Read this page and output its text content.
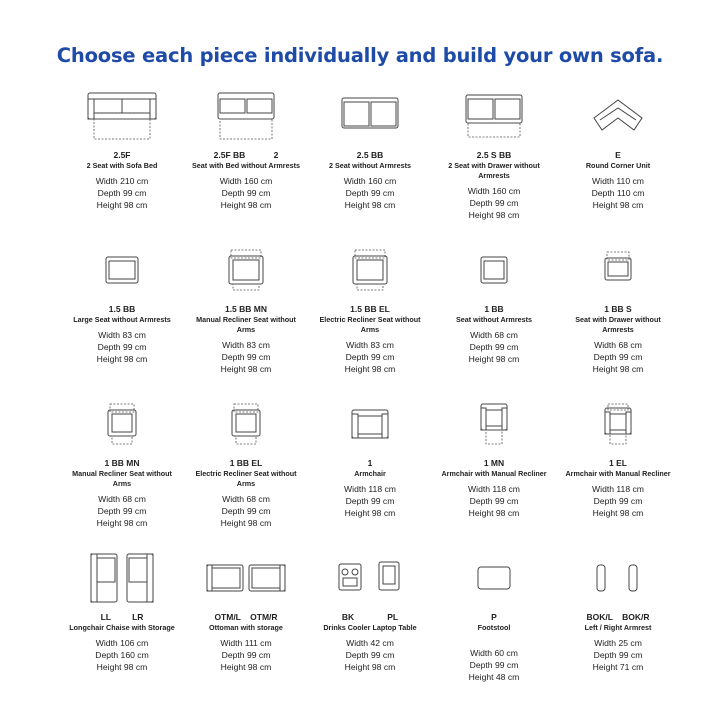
Choose each piece individually and build your own sofa.
2.5F
2 Seat with Sofa Bed
Width 210 cm
Depth 99 cm
Height 98 cm
2.5F BB            2
Seat with Bed without Armrests
Width 160 cm
Depth 99 cm
Height 98 cm
2.5 BB
2 Seat without Armrests
Width 160 cm
Depth 99 cm
Height 98 cm
2.5 S BB
2 Seat with Drawer without Armrests
Width 160 cm
Depth 99 cm
Height 98 cm
E
Round Corner Unit
Width 110 cm
Depth 110 cm
Height 98 cm
1.5 BB
Large Seat without Armrests
Width 83 cm
Depth 99 cm
Height 98 cm
1.5 BB MN
Manual Recliner Seat without Arms
Width 83 cm
Depth 99 cm
Height 98 cm
1.5 BB EL
Electric Recliner Seat without Arms
Width 83 cm
Depth 99 cm
Height 98 cm
1 BB
Seat without Armrests
Width 68 cm
Depth 99 cm
Height 98 cm
1 BB S
Seat with Drawer without Armrests
Width 68 cm
Depth 99 cm
Height 98 cm
1 BB MN
Manual Recliner Seat without Arms
Width 68 cm
Depth 99 cm
Height 98 cm
1 BB EL
Electric Recliner Seat without Arms
Width 68 cm
Depth 99 cm
Height 98 cm
1
Armchair
Width 118 cm
Depth 99 cm
Height 98 cm
1 MN
Armchair with Manual Recliner
Width 118 cm
Depth 99 cm
Height 98 cm
1 EL
Armchair with Manual Recliner
Width 118 cm
Depth 99 cm
Height 98 cm
LL         LR
Longchair Chaise with Storage
Width 106 cm
Depth 160 cm
Height 98 cm
OTM/L    OTM/R
Ottoman with storage
Width 111 cm
Depth 99 cm
Height 98 cm
BK              PL
Drinks Cooler Laptop Table
Width 42 cm
Depth 99 cm
Height 98 cm
P
Footstool
Width 60 cm
Depth 99 cm
Height 48 cm
BOK/L    BOK/R
Left / Right Armrest
Width 25 cm
Depth 99 cm
Height 71 cm
